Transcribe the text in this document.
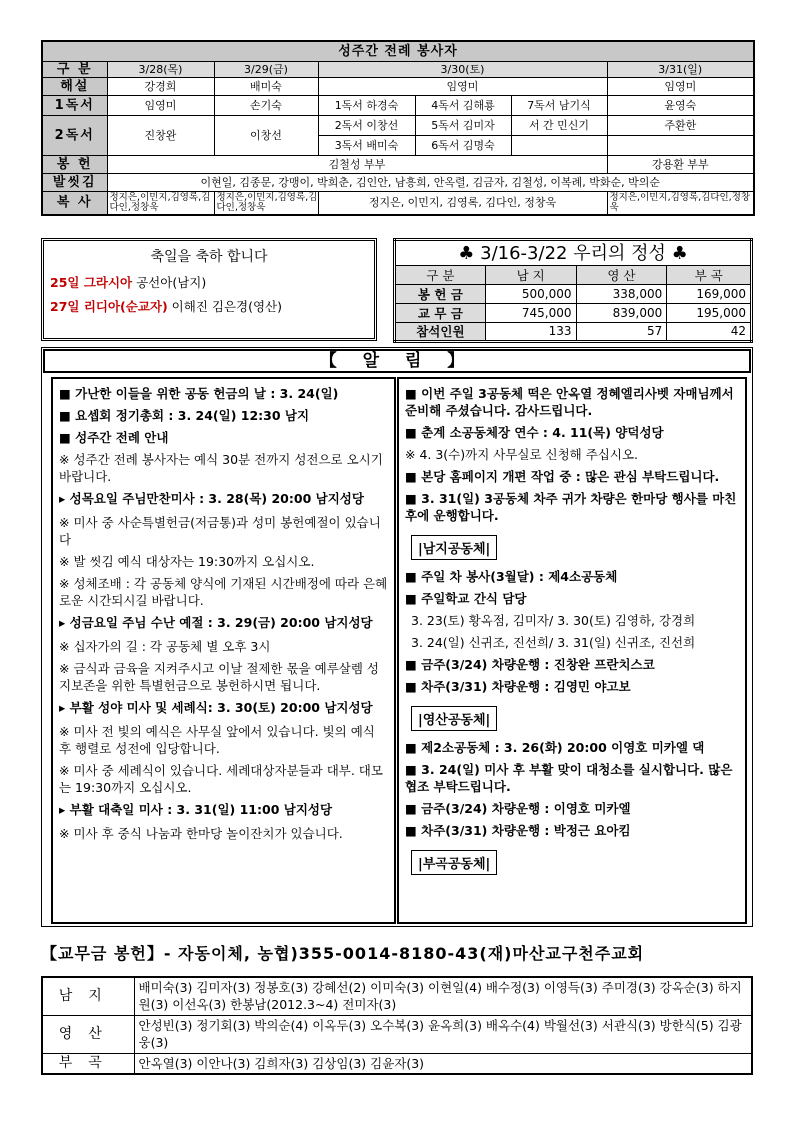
성주간 전례 봉사자						
구 분	3/28(목)	3/29(금)	3/30(토)			3/31(일)
해설	강경희	배미숙	임영미			임영미
1독서	임영미	손기숙	1독서 하경숙	4독서 김해룡	7독서 남기식	윤영숙
2독서	진창완	이창선	2독서 이창선	5독서 김미자	서 간 민신기	주환한
			3독서 배미숙	6독서 김명숙		
봉 헌	김철성 부부					강용환 부부
발씻김	이현일, 김종문, 강맹이, 박희춘, 김인안, 남흥희, 안옥렬, 김금자, 김철성, 이복례, 박화순, 박의순					
복 사	정지은,이민지,김영록,김다인,정창욱	정지은,이민지,김영록,김다인,정창욱	정지은, 이민지, 김영록, 김다인, 정창욱			정지은,이민지,김영록,김다인,정창욱
축일을 축하 합니다
25일 그라시아 공선아(남지)
27일 리디아(순교자) 이해진 김은경(영산)
♣ 3/16-3/22 우리의 정성 ♣			
구 분	남 지	영 산	부 곡
봉 헌 금	500,000	338,000	169,000
교 무 금	745,000	839,000	195,000
참석인원	133	57	42
【 알 림 】
■ 가난한 이들을 위한 공동 헌금의 날 : 3. 24(일)
■ 요셉회 정기총회 : 3. 24(일) 12:30 남지
■ 성주간 전례 안내
※ 성주간 전례 봉사자는 예식 30분 전까지 성전으로 오시기 바랍니다.
▸ 성목요일 주님만찬미사 : 3. 28(목) 20:00 남지성당
※ 미사 중 사순특별헌금(저금통)과 성미 봉헌예절이 있습니다
※ 발 씻김 예식 대상자는 19:30까지 오십시오.
※ 성체조배 : 각 공동체 양식에 기재된 시간배정에 따라 은혜로운 시간되시길 바랍니다.
▸ 성금요일 주님 수난 예절 : 3. 29(금) 20:00 남지성당
※ 십자가의 길 : 각 공동체 별 오후 3시
※ 금식과 금육을 지켜주시고 이날 절제한 몫을 예루살렘 성지보존을 위한 특별헌금으로 봉헌하시면 됩니다.
▸ 부활 성야 미사 및 세례식: 3. 30(토) 20:00 남지성당
※ 미사 전 빛의 예식은 사무실 앞에서 있습니다. 빛의 예식 후 행렬로 성전에 입당합니다.
※ 미사 중 세례식이 있습니다. 세례대상자분들과 대부. 대모는 19:30까지 오십시오.
▸ 부활 대축일 미사 : 3. 31(일) 11:00 남지성당
※ 미사 후 중식 나눔과 한마당 놀이잔치가 있습니다.
■ 이번 주일 3공동체 떡은 안옥열 정혜엘리사벳 자매님께서 준비해 주셨습니다. 감사드립니다.
■ 춘계 소공동체장 연수 : 4. 11(목) 양덕성당
※ 4. 3(수)까지 사무실로 신청해 주십시오.
■ 본당 홈페이지 개편 작업 중 : 많은 관심 부탁드립니다.
■ 3. 31(일) 3공동체 차주 귀가 차량은 한마당 행사를 마친 후에 운행합니다.
|남지공동체|
■ 주일 차 봉사(3월달) : 제4소공동체
■ 주일학교 간식 담당
3. 23(토) 황옥점, 김미자/ 3. 30(토) 김영하, 강경희
3. 24(일) 신귀조, 진선희/ 3. 31(일) 신귀조, 진선희
■ 금주(3/24) 차량운행 : 진창완 프란치스코
■ 차주(3/31) 차량운행 : 김영민 야고보
|영산공동체|
■ 제2소공동체 : 3. 26(화) 20:00 이영호 미카엘 댁
■ 3. 24(일) 미사 후 부활 맞이 대청소를 실시합니다. 많은 협조 부탁드립니다.
■ 금주(3/24) 차량운행 : 이영호 미카엘
■ 차주(3/31) 차량운행 : 박정근 요아킴
|부곡공동체|
【교무금 봉헌】- 자동이체, 농협)355-0014-8180-43(재)마산교구천주교회
남지	배미숙(3) 김미자(3) 정봉호(3) 강혜선(2) 이미숙(3) 이현일(4) 배수정(3) 이영득(3) 주미경(3) 강옥순(3) 하지원(3) 이선옥(3) 한봉남(2012.3~4) 전미자(3)
영산	안성빈(3) 정기회(3) 박의순(4) 이옥두(3) 오수복(3) 윤옥희(3) 배옥수(4) 박월선(3) 서관식(3) 방한식(5) 김광웅(3)
부곡	안옥열(3) 이안나(3) 김희자(3) 김상임(3) 김윤자(3)
